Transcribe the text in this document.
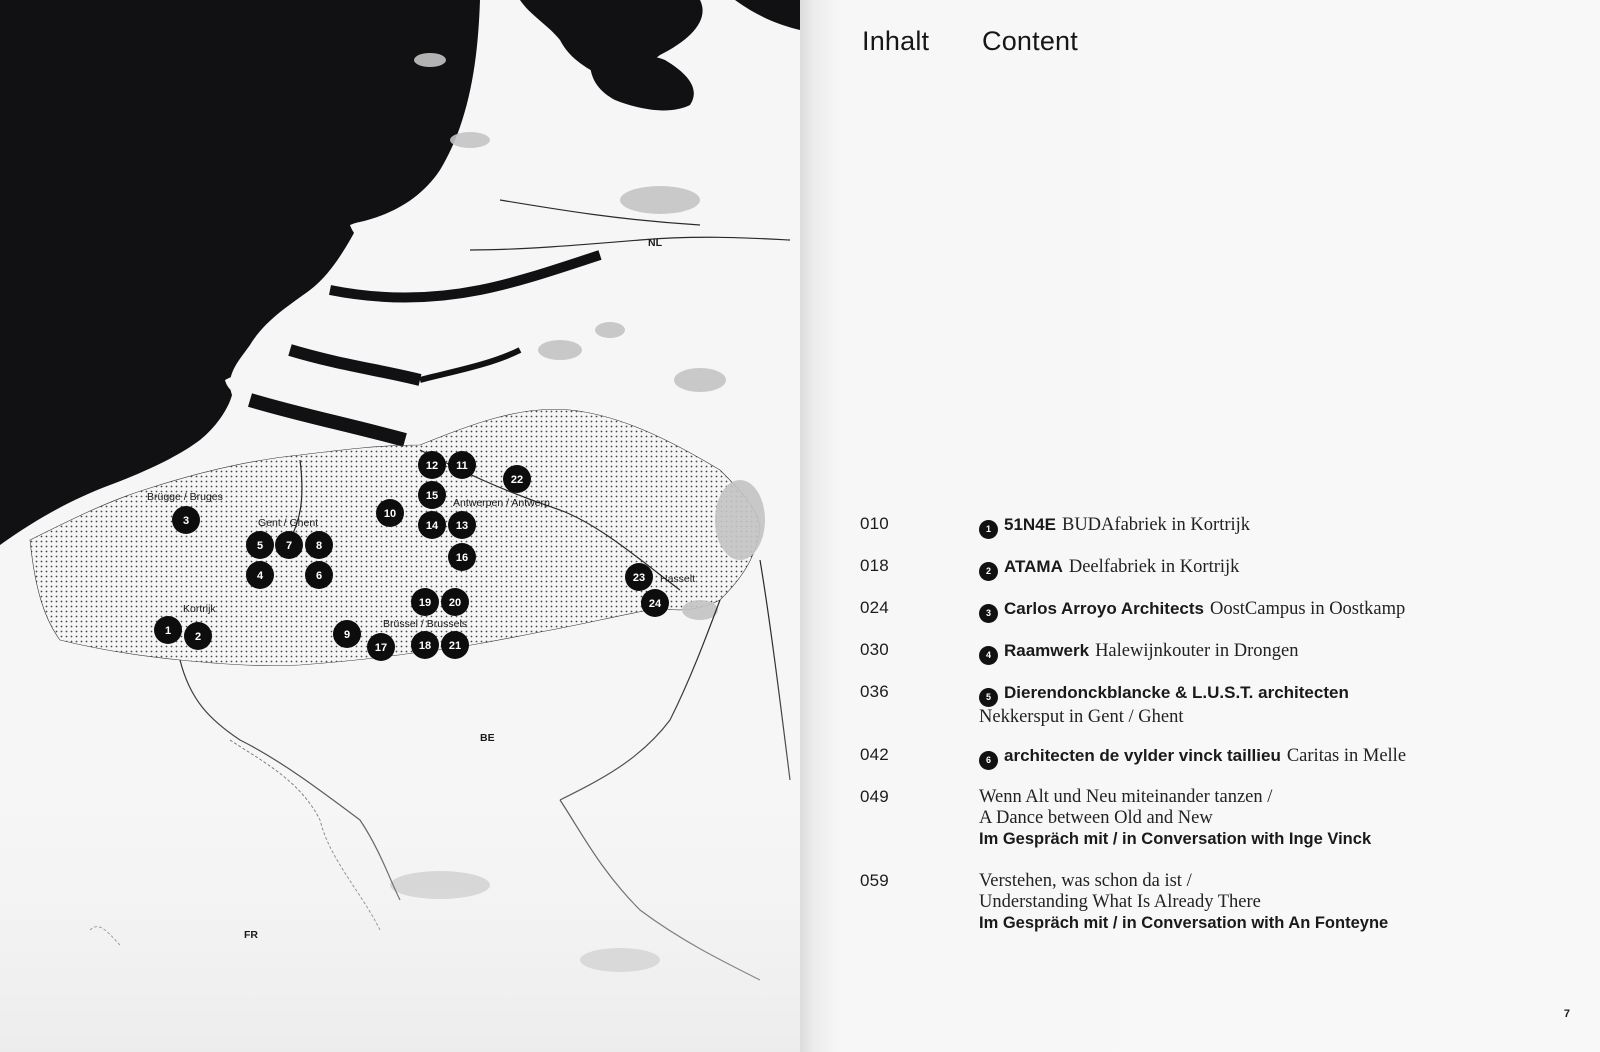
NL
BE
FR
Brügge / Bruges
Gent / Ghent
Antwerpen / Antwerp
Kortrijk
Brüssel / Brussels
Hasselt
1 2
3
4
5
6
7 8
9
10
11
12
13
14
15
16
17	18
19 20
21
22
23
24
Inhalt Content
010	1 51N4E BUDAfabriek in Kortrijk
018	2 ATAMA Deelfabriek in Kortrijk
024	3 Carlos Arroyo Architects OostCampus in Oostkamp
030	4 Raamwerk Halewijnkouter in Drongen
036	5 Dierendonckblancke & L.U.S.T. architecten
Nekkersput in Gent / Ghent
042	6 architecten de vylder vinck taillieu Caritas in Melle
049	Wenn Alt und Neu miteinander tanzen /
A Dance between Old and New
Im Gespräch mit / in Conversation with Inge Vinck
059	Verstehen, was schon da ist /
Understanding What Is Already There
Im Gespräch mit / in Conversation with An Fonteyne
7
